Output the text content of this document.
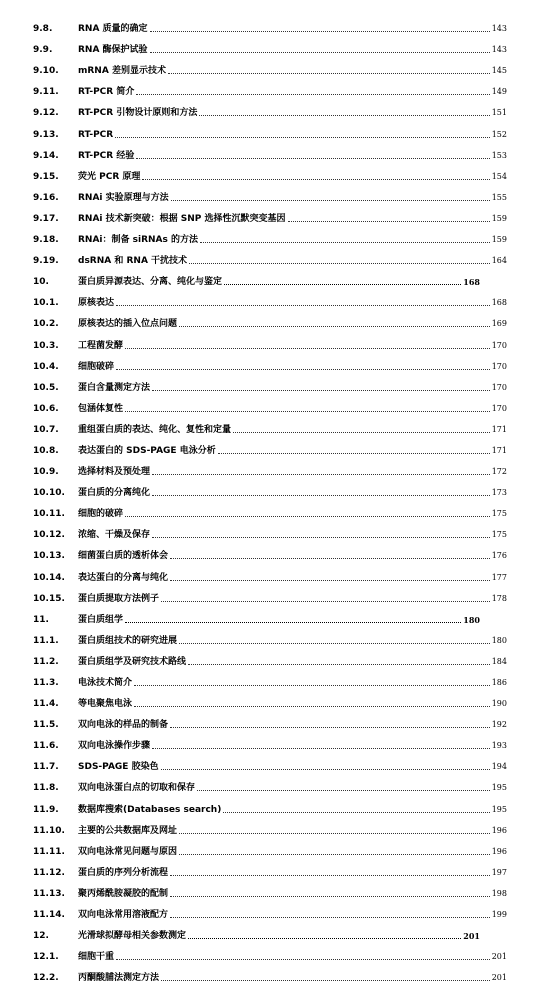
9.8.	RNA 质量的确定	143
9.9.	RNA 酶保护试验	143
9.10.	mRNA 差别显示技术	145
9.11.	RT-PCR 简介	149
9.12.	RT-PCR 引物设计原则和方法	151
9.13.	RT-PCR	152
9.14.	RT-PCR 经验	153
9.15.	荧光 PCR 原理	154
9.16.	RNAi 实验原理与方法	155
9.17.	RNAi 技术新突破：根据 SNP 选择性沉默突变基因	159
9.18.	RNAi：制备 siRNAs 的方法	159
9.19.	dsRNA 和 RNA 干扰技术	164
10.	蛋白质异源表达、分离、纯化与鉴定	168
10.1.	原核表达	168
10.2.	原核表达的插入位点问题	169
10.3.	工程菌发酵	170
10.4.	细胞破碎	170
10.5.	蛋白含量测定方法	170
10.6.	包涵体复性	170
10.7.	重组蛋白质的表达、纯化、复性和定量	171
10.8.	表达蛋白的 SDS-PAGE 电泳分析	171
10.9.	选择材料及预处理	172
10.10.	蛋白质的分离纯化	173
10.11.	细胞的破碎	175
10.12.	浓缩、干燥及保存	175
10.13.	细菌蛋白质的透析体会	176
10.14.	表达蛋白的分离与纯化	177
10.15.	蛋白质提取方法例子	178
11.	蛋白质组学	180
11.1.	蛋白质组技术的研究进展	180
11.2.	蛋白质组学及研究技术路线	184
11.3.	电泳技术简介	186
11.4.	等电聚焦电泳	190
11.5.	双向电泳的样品的制备	192
11.6.	双向电泳操作步骤	193
11.7.	SDS-PAGE 胶染色	194
11.8.	双向电泳蛋白点的切取和保存	195
11.9.	数据库搜索(Databases search)	195
11.10.	主要的公共数据库及网址	196
11.11.	双向电泳常见问题与原因	196
11.12.	蛋白质的序列分析流程	197
11.13.	聚丙烯酰胺凝胶的配制	198
11.14.	双向电泳常用溶液配方	199
12.	光滑球拟酵母相关参数测定	201
12.1.	细胞干重	201
12.2.	丙酮酸脯法测定方法	201
